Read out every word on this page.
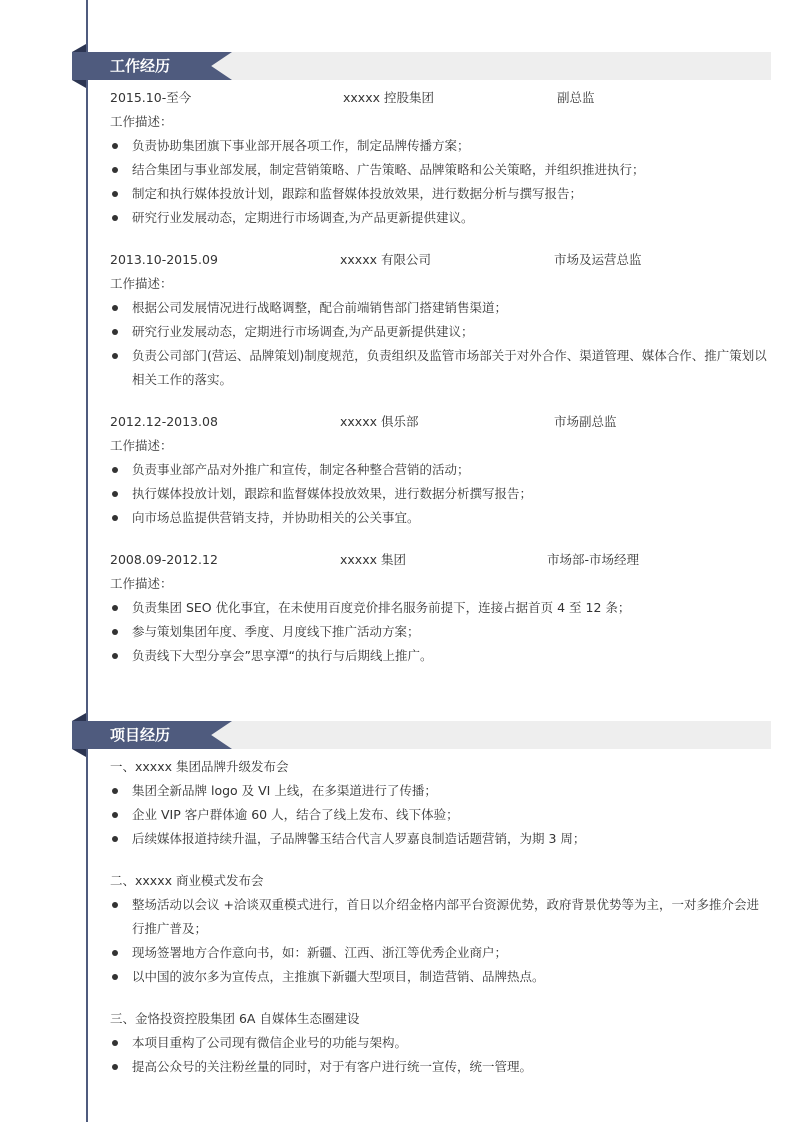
工作经历
2015.10-至今	xxxxx 控股集团	副总监
工作描述：
负责协助集团旗下事业部开展各项工作，制定品牌传播方案；
结合集团与事业部发展，制定营销策略、广告策略、品牌策略和公关策略，并组织推进执行；
制定和执行媒体投放计划，跟踪和监督媒体投放效果，进行数据分析与撰写报告；
研究行业发展动态，定期进行市场调查,为产品更新提供建议。
2013.10-2015.09	xxxxx 有限公司	市场及运营总监
工作描述：
根据公司发展情况进行战略调整，配合前端销售部门搭建销售渠道；
研究行业发展动态，定期进行市场调查,为产品更新提供建议；
负责公司部门(营运、品牌策划)制度规范，负责组织及监管市场部关于对外合作、渠道管理、媒体合作、推广策划以相关工作的落实。
2012.12-2013.08	xxxxx 俱乐部	市场副总监
工作描述：
负责事业部产品对外推广和宣传，制定各种整合营销的活动；
执行媒体投放计划，跟踪和监督媒体投放效果，进行数据分析撰写报告；
向市场总监提供营销支持，并协助相关的公关事宜。
2008.09-2012.12	xxxxx 集团	市场部-市场经理
工作描述：
负责集团 SEO 优化事宜，在未使用百度竞价排名服务前提下，连接占据首页 4 至 12 条；
参与策划集团年度、季度、月度线下推广活动方案；
负责线下大型分享会”思享潭“的执行与后期线上推广。
项目经历
一、xxxxx 集团品牌升级发布会
集团全新品牌 logo 及 VI 上线，在多渠道进行了传播；
企业 VIP 客户群体逾 60 人，结合了线上发布、线下体验；
后续媒体报道持续升温，子品牌馨玉结合代言人罗嘉良制造话题营销，为期 3 周；
二、xxxxx 商业模式发布会
整场活动以会议 +洽谈双重模式进行，首日以介绍金格内部平台资源优势，政府背景优势等为主，一对多推介会进行推广普及；
现场签署地方合作意向书，如：新疆、江西、浙江等优秀企业商户；
以中国的波尔多为宣传点，主推旗下新疆大型项目，制造营销、品牌热点。
三、金恪投资控股集团 6A 自媒体生态圈建设
本项目重构了公司现有微信企业号的功能与架构。
提高公众号的关注粉丝量的同时，对于有客户进行统一宣传，统一管理。
